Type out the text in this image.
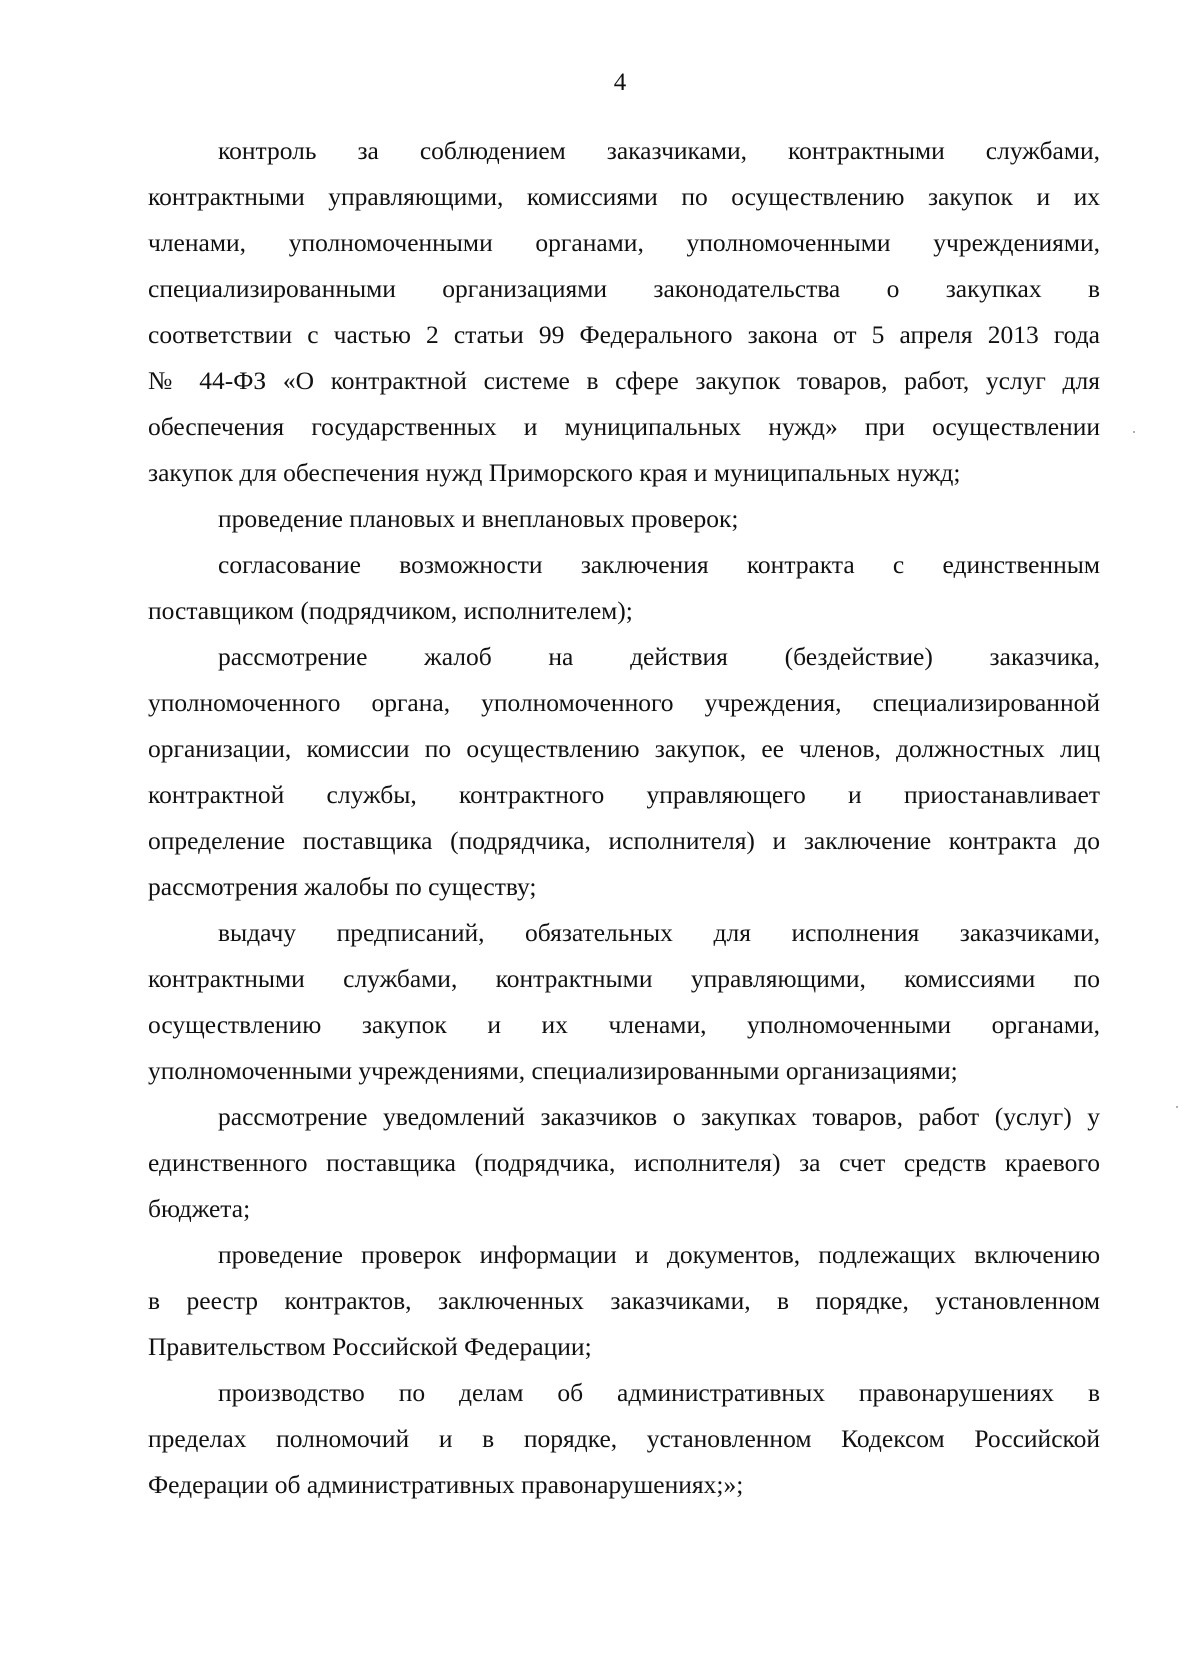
4
контроль за соблюдением заказчиками, контрактными службами,
контрактными управляющими, комиссиями по осуществлению закупок и их
членами, уполномоченными органами, уполномоченными учреждениями,
специализированными организациями законодательства о закупках в
соответствии с частью 2 статьи 99 Федерального закона от 5 апреля 2013 года
№ 44-ФЗ «О контрактной системе в сфере закупок товаров, работ, услуг для
обеспечения государственных и муниципальных нужд» при осуществлении
закупок для обеспечения нужд Приморского края и муниципальных нужд;
проведение плановых и внеплановых проверок;
согласование возможности заключения контракта с единственным
поставщиком (подрядчиком, исполнителем);
рассмотрение жалоб на действия (бездействие) заказчика,
уполномоченного органа, уполномоченного учреждения, специализированной
организации, комиссии по осуществлению закупок, ее членов, должностных лиц
контрактной службы, контрактного управляющего и приостанавливает
определение поставщика (подрядчика, исполнителя) и заключение контракта до
рассмотрения жалобы по существу;
выдачу предписаний, обязательных для исполнения заказчиками,
контрактными службами, контрактными управляющими, комиссиями по
осуществлению закупок и их членами, уполномоченными органами,
уполномоченными учреждениями, специализированными организациями;
рассмотрение уведомлений заказчиков о закупках товаров, работ (услуг) у
единственного поставщика (подрядчика, исполнителя) за счет средств краевого
бюджета;
проведение проверок информации и документов, подлежащих включению
в реестр контрактов, заключенных заказчиками, в порядке, установленном
Правительством Российской Федерации;
производство по делам об административных правонарушениях в
пределах полномочий и в порядке, установленном Кодексом Российской
Федерации об административных правонарушениях;»;
